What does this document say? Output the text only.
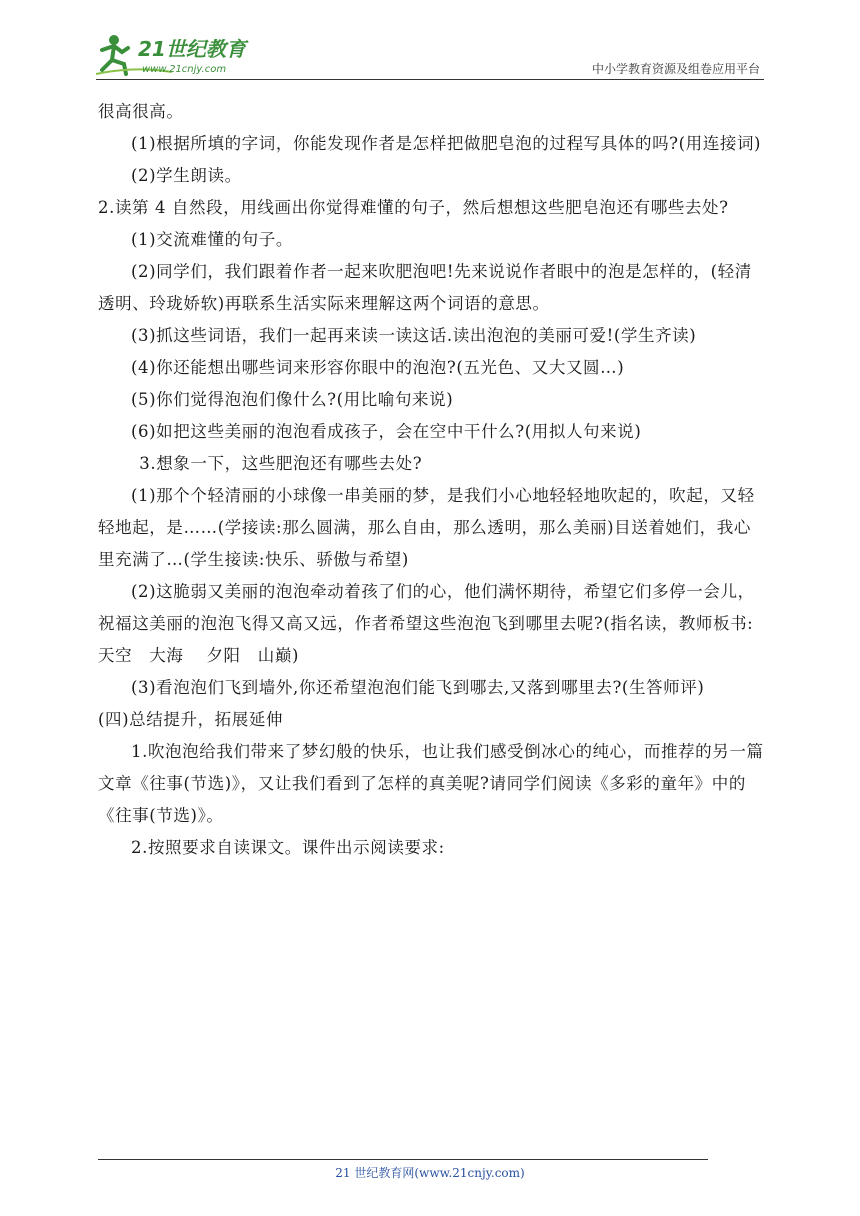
21世纪教育
www.21cnjy.com	中小学教育资源及组卷应用平台

很高很高。

(1)根据所填的字词，你能发现作者是怎样把做肥皂泡的过程写具体的吗?(用连接词)

(2)学生朗读。

2.读第 4 自然段，用线画出你觉得难懂的句子，然后想想这些肥皂泡还有哪些去处?

(1)交流难懂的句子。

(2)同学们，我们跟着作者一起来吹肥泡吧!先来说说作者眼中的泡是怎样的，(轻清透明、玲珑娇软)再联系生活实际来理解这两个词语的意思。

(3)抓这些词语，我们一起再来读一读这话.读出泡泡的美丽可爱!(学生齐读)

(4)你还能想出哪些词来形容你眼中的泡泡?(五光色、又大又圆…)

(5)你们觉得泡泡们像什么?(用比喻句来说)

(6)如把这些美丽的泡泡看成孩子，会在空中干什么?(用拟人句来说)

3.想象一下，这些肥泡还有哪些去处?

(1)那个个轻清丽的小球像一串美丽的梦，是我们小心地轻轻地吹起的，吹起，又轻轻地起，是……(学接读:那么圆满，那么自由，那么透明，那么美丽)目送着她们，我心里充满了…(学生接读:快乐、骄傲与希望)

(2)这脆弱又美丽的泡泡牵动着孩了们的心，他们满怀期待，希望它们多停一会儿，祝福这美丽的泡泡飞得又高又远，作者希望这些泡泡飞到哪里去呢?(指名读，教师板书:天空　大海　 夕阳　山巅)

(3)看泡泡们飞到墙外,你还希望泡泡们能飞到哪去,又落到哪里去?(生答师评)

(四)总结提升，拓展延伸

1.吹泡泡给我们带来了梦幻般的快乐，也让我们感受倒冰心的纯心，而推荐的另一篇文章《往事(节选)》，又让我们看到了怎样的真美呢?请同学们阅读《多彩的童年》中的《往事(节选)》。

2.按照要求自读课文。课件出示阅读要求:

21 世纪教育网(www.21cnjy.com)
